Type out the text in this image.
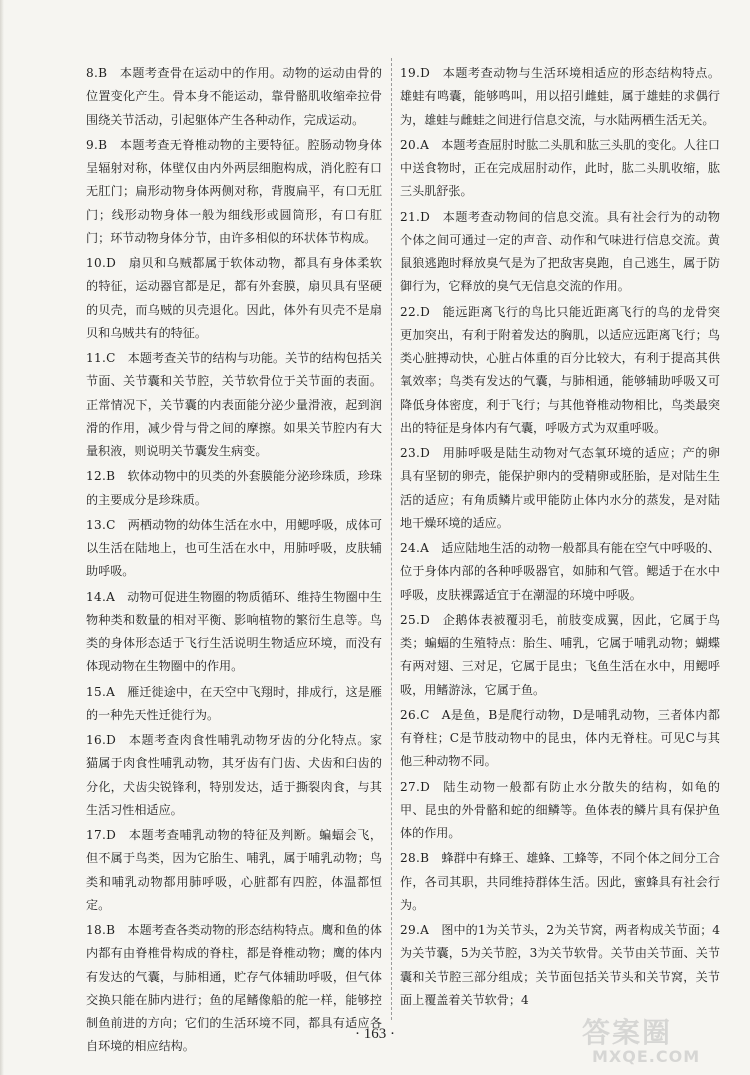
8.B  本题考查骨在运动中的作用。动物的运动由骨的位置变化产生。骨本身不能运动，靠骨骼肌收缩牵拉骨围绕关节活动，引起躯体产生各种动作，完成运动。

9.B  本题考查无脊椎动物的主要特征。腔肠动物身体呈辐射对称，体壁仅由内外两层细胞构成，消化腔有口无肛门；扁形动物身体两侧对称，背腹扁平，有口无肛门；线形动物身体一般为细线形或圆筒形，有口有肛门；环节动物身体分节，由许多相似的环状体节构成。

10.D  扇贝和乌贼都属于软体动物，都具有身体柔软的特征，运动器官都是足，都有外套膜，扇贝具有坚硬的贝壳，而乌贼的贝壳退化。因此，体外有贝壳不是扇贝和乌贼共有的特征。

11.C  本题考查关节的结构与功能。关节的结构包括关节面、关节囊和关节腔，关节软骨位于关节面的表面。正常情况下，关节囊的内表面能分泌少量滑液，起到润滑的作用，减少骨与骨之间的摩擦。如果关节腔内有大量积液，则说明关节囊发生病变。

12.B  软体动物中的贝类的外套膜能分泌珍珠质，珍珠的主要成分是珍珠质。

13.C  两栖动物的幼体生活在水中，用鳃呼吸，成体可以生活在陆地上，也可生活在水中，用肺呼吸，皮肤辅助呼吸。

14.A  动物可促进生物圈的物质循环、维持生物圈中生物种类和数量的相对平衡、影响植物的繁衍生息等。鸟类的身体形态适于飞行生活说明生物适应环境，而没有体现动物在生物圈中的作用。

15.A  雁迁徙途中，在天空中飞翔时，排成行，这是雁的一种先天性迁徙行为。

16.D  本题考查肉食性哺乳动物牙齿的分化特点。家猫属于肉食性哺乳动物，其牙齿有门齿、犬齿和臼齿的分化，犬齿尖锐锋利，特别发达，适于撕裂肉食，与其生活习性相适应。

17.D  本题考查哺乳动物的特征及判断。蝙蝠会飞，但不属于鸟类，因为它胎生、哺乳，属于哺乳动物；鸟类和哺乳动物都用肺呼吸，心脏都有四腔，体温都恒定。

18.B  本题考查各类动物的形态结构特点。鹰和鱼的体内都有由脊椎骨构成的脊柱，都是脊椎动物；鹰的体内有发达的气囊，与肺相通，贮存气体辅助呼吸，但气体交换只能在肺内进行；鱼的尾鳍像船的舵一样，能够控制鱼前进的方向；它们的生活环境不同，都具有适应各自环境的相应结构。

19.D  本题考查动物与生活环境相适应的形态结构特点。雄蛙有鸣囊，能够鸣叫，用以招引雌蛙，属于雄蛙的求偶行为，雄蛙与雌蛙之间进行信息交流，与水陆两栖生活无关。

20.A  本题考查屈肘时肱二头肌和肱三头肌的变化。人往口中送食物时，正在完成屈肘动作，此时，肱二头肌收缩，肱三头肌舒张。

21.D  本题考查动物间的信息交流。具有社会行为的动物个体之间可通过一定的声音、动作和气味进行信息交流。黄鼠狼逃跑时释放臭气是为了把敌害臭跑，自己逃生，属于防御行为，它释放的臭气无信息交流的作用。

22.D  能远距离飞行的鸟比只能近距离飞行的鸟的龙骨突更加突出，有利于附着发达的胸肌，以适应远距离飞行；鸟类心脏搏动快，心脏占体重的百分比较大，有利于提高其供氧效率；鸟类有发达的气囊，与肺相通，能够辅助呼吸又可降低身体密度，利于飞行；与其他脊椎动物相比，鸟类最突出的特征是身体内有气囊，呼吸方式为双重呼吸。

23.D  用肺呼吸是陆生动物对气态氧环境的适应；产的卵具有坚韧的卵壳，能保护卵内的受精卵或胚胎，是对陆生生活的适应；有角质鳞片或甲能防止体内水分的蒸发，是对陆地干燥环境的适应。

24.A  适应陆地生活的动物一般都具有能在空气中呼吸的、位于身体内部的各种呼吸器官，如肺和气管。鳃适于在水中呼吸，皮肤裸露适宜于在潮湿的环境中呼吸。

25.D  企鹅体表被覆羽毛，前肢变成翼，因此，它属于鸟类；蝙蝠的生殖特点：胎生、哺乳，它属于哺乳动物；蝴蝶有两对翅、三对足，它属于昆虫；飞鱼生活在水中，用鳃呼吸，用鳍游泳，它属于鱼。

26.C  A是鱼，B是爬行动物，D是哺乳动物，三者体内都有脊柱；C是节肢动物中的昆虫，体内无脊柱。可见C与其他三种动物不同。

27.D  陆生动物一般都有防止水分散失的结构，如龟的甲、昆虫的外骨骼和蛇的细鳞等。鱼体表的鳞片具有保护鱼体的作用。

28.B  蜂群中有蜂王、雄蜂、工蜂等，不同个体之间分工合作，各司其职，共同维持群体生活。因此，蜜蜂具有社会行为。

29.A  图中的1为关节头，2为关节窝，两者构成关节面；4为关节囊，5为关节腔，3为关节软骨。关节由关节面、关节囊和关节腔三部分组成；关节面包括关节头和关节窝，关节面上覆盖着关节软骨；4

· 163 ·	答案圈
MXQE.COM
